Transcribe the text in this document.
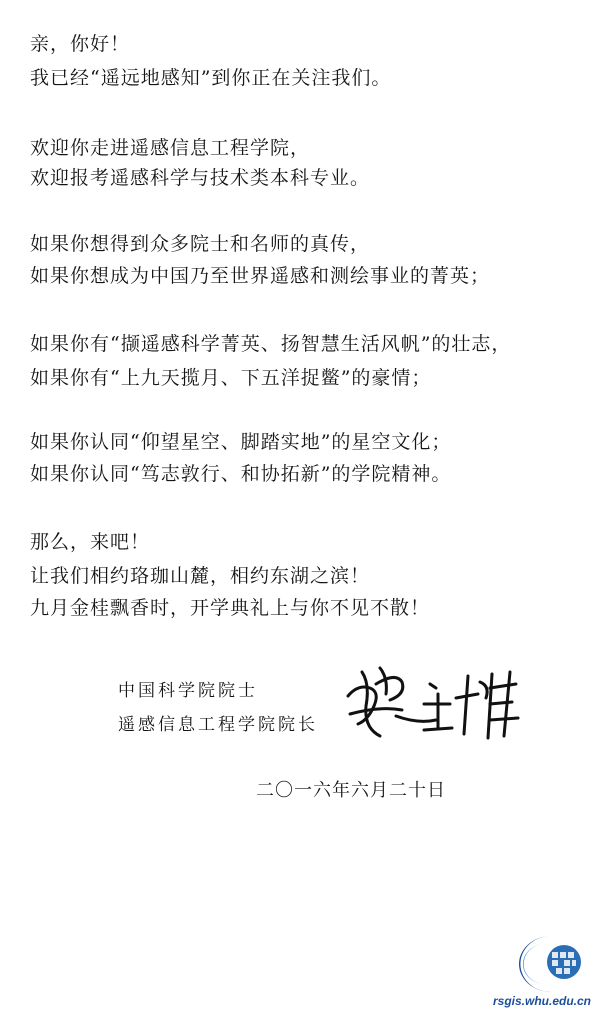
亲，你好！
我已经“遥远地感知”到你正在关注我们。
欢迎你走进遥感信息工程学院，
欢迎报考遥感科学与技术类本科专业。
如果你想得到众多院士和名师的真传，
如果你想成为中国乃至世界遥感和测绘事业的菁英；
如果你有“撷遥感科学菁英、扬智慧生活风帆”的壮志，
如果你有“上九天揽月、下五洋捉鳖”的豪情；
如果你认同“仰望星空、脚踏实地”的星空文化；
如果你认同“笃志敦行、和协拓新”的学院精神。
那么，来吧！
让我们相约珞珈山麓，相约东湖之滨！
九月金桂飘香时，开学典礼上与你不见不散！
中国科学院院士
遥感信息工程学院院长
二〇一六年六月二十日
rsgis.whu.edu.cn
